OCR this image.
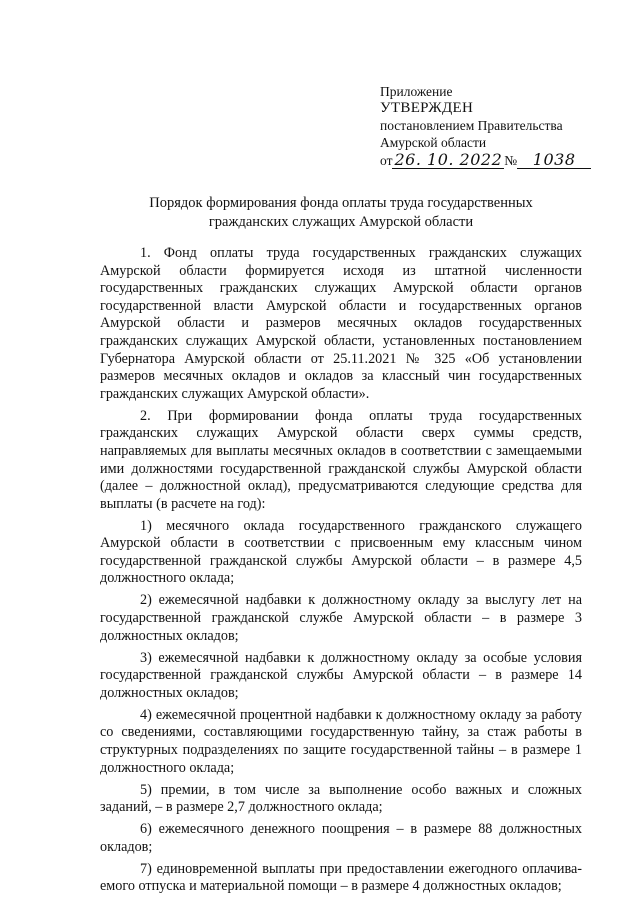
Приложение
УТВЕРЖДЕН
постановлением Правительства
Амурской области
от 26. 10. 2022 № 1038
Порядок формирования фонда оплаты труда государственных
гражданских служащих Амурской области

1. Фонд оплаты труда государственных гражданских служащих Амурской области формируется исходя из штатной численности государственных гражданских служащих Амурской области органов государственной власти Амурской области и государственных органов Амурской области и размеров месячных окладов государственных гражданских служащих Амурской области, установленных постановлением Губернатора Амурской области от 25.11.2021 № 325 «Об установлении размеров месячных окладов и окладов за классный чин государственных гражданских служащих Амурской области».

2. При формировании фонда оплаты труда государственных гражданских служащих Амурской области сверх суммы средств, направляемых для выплаты месячных окладов в соответствии с замещаемыми ими должностями государственной гражданской службы Амурской области (далее – должностной оклад), предусматриваются следующие средства для выплаты (в расчете на год):

1) месячного оклада государственного гражданского служащего Амурской области в соответствии с присвоенным ему классным чином государственной гражданской службы Амурской области – в размере 4,5 должностного оклада;

2) ежемесячной надбавки к должностному окладу за выслугу лет на государственной гражданской службе Амурской области – в размере 3 должностных окладов;

3) ежемесячной надбавки к должностному окладу за особые условия государственной гражданской службы Амурской области – в размере 14 должностных окладов;

4) ежемесячной процентной надбавки к должностному окладу за работу со сведениями, составляющими государственную тайну, за стаж работы в структурных подразделениях по защите государственной тайны – в размере 1 должностного оклада;

5) премии, в том числе за выполнение особо важных и сложных заданий, – в размере 2,7 должностного оклада;

6) ежемесячного денежного поощрения – в размере 88 должностных окладов;

7) единовременной выплаты при предоставлении ежегодного оплачива-емого отпуска и материальной помощи – в размере 4 должностных окладов;
